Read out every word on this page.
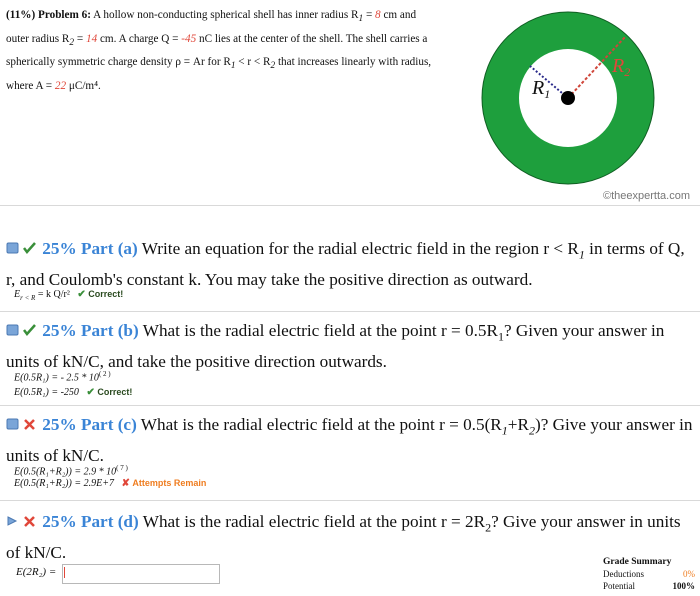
(11%) Problem 6: A hollow non-conducting spherical shell has inner radius $R_1 = 8$ cm and outer radius $R_2 = 14$ cm. A charge Q = -45 nC lies at the center of the shell. The shell carries a spherically symmetric charge density ρ = Ar for $R_1 < r < R_2$ that increases linearly with radius, where A = 22 μC/m⁴.	$R_1$
$R_2$
©theexpertta.com
25% Part (a) Write an equation for the radial electric field in the region $r < R_1$ in terms of Q, r, and Coulomb's constant k. You may take the positive direction as outward.
$E_{r < R} = k$ Q/r² ✔ Correct!
25% Part (b) What is the radial electric field at the point $r = 0.5R_1$? Given your answer in units of kN/C, and take the positive direction outwards.
E(0.5R₁) = - $2.5 * 10^{( 2 )}$
E(0.5R₁) = -250 ✔ Correct!
25% Part (c) What is the radial electric field at the point $r = 0.5(R_1+R_2)$? Give your answer in units of kN/C.
$E(0.5(R_1+R_2)) = 2.9 * 10^{( 7 )}$
E(0.5(R₁+R₂)) = 2.9E+7 ✘ Attempts Remain
25% Part (d) What is the radial electric field at the point $r = 2R_2$? Give your answer in units of kN/C.
E(2R₂) =
Grade Summary
Deductions	0%
Potential	100%
